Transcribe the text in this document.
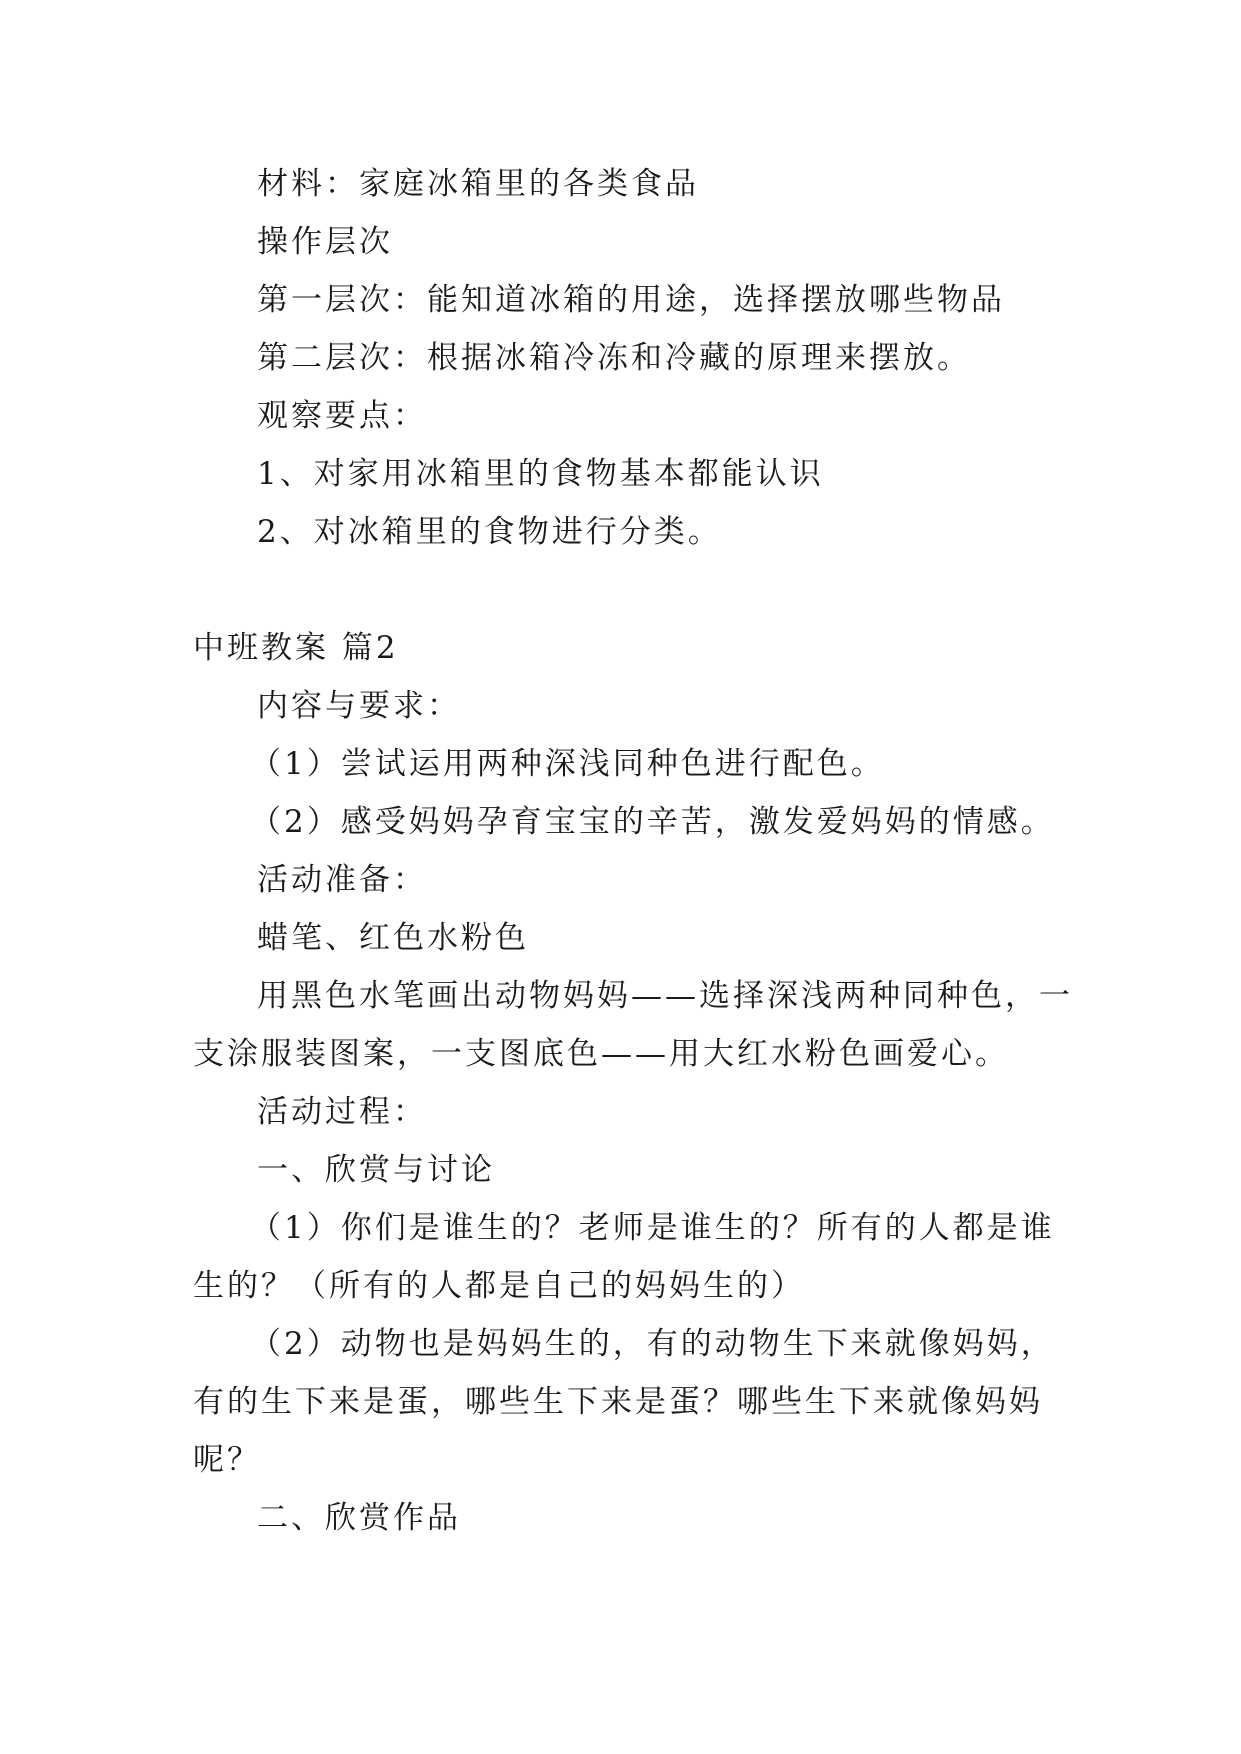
材料：家庭冰箱里的各类食品
操作层次
第一层次：能知道冰箱的用途，选择摆放哪些物品
第二层次：根据冰箱冷冻和冷藏的原理来摆放。
观察要点：
1、对家用冰箱里的食物基本都能认识
2、对冰箱里的食物进行分类。
中班教案 篇2
内容与要求：
（1）尝试运用两种深浅同种色进行配色。
（2）感受妈妈孕育宝宝的辛苦，激发爱妈妈的情感。
活动准备：
蜡笔、红色水粉色
用黑色水笔画出动物妈妈——选择深浅两种同种色，一
支涂服装图案，一支图底色——用大红水粉色画爱心。
活动过程：
一、欣赏与讨论
（1）你们是谁生的？老师是谁生的？所有的人都是谁
生的？（所有的人都是自己的妈妈生的）
（2）动物也是妈妈生的，有的动物生下来就像妈妈，
有的生下来是蛋，哪些生下来是蛋？哪些生下来就像妈妈
呢？
二、欣赏作品
